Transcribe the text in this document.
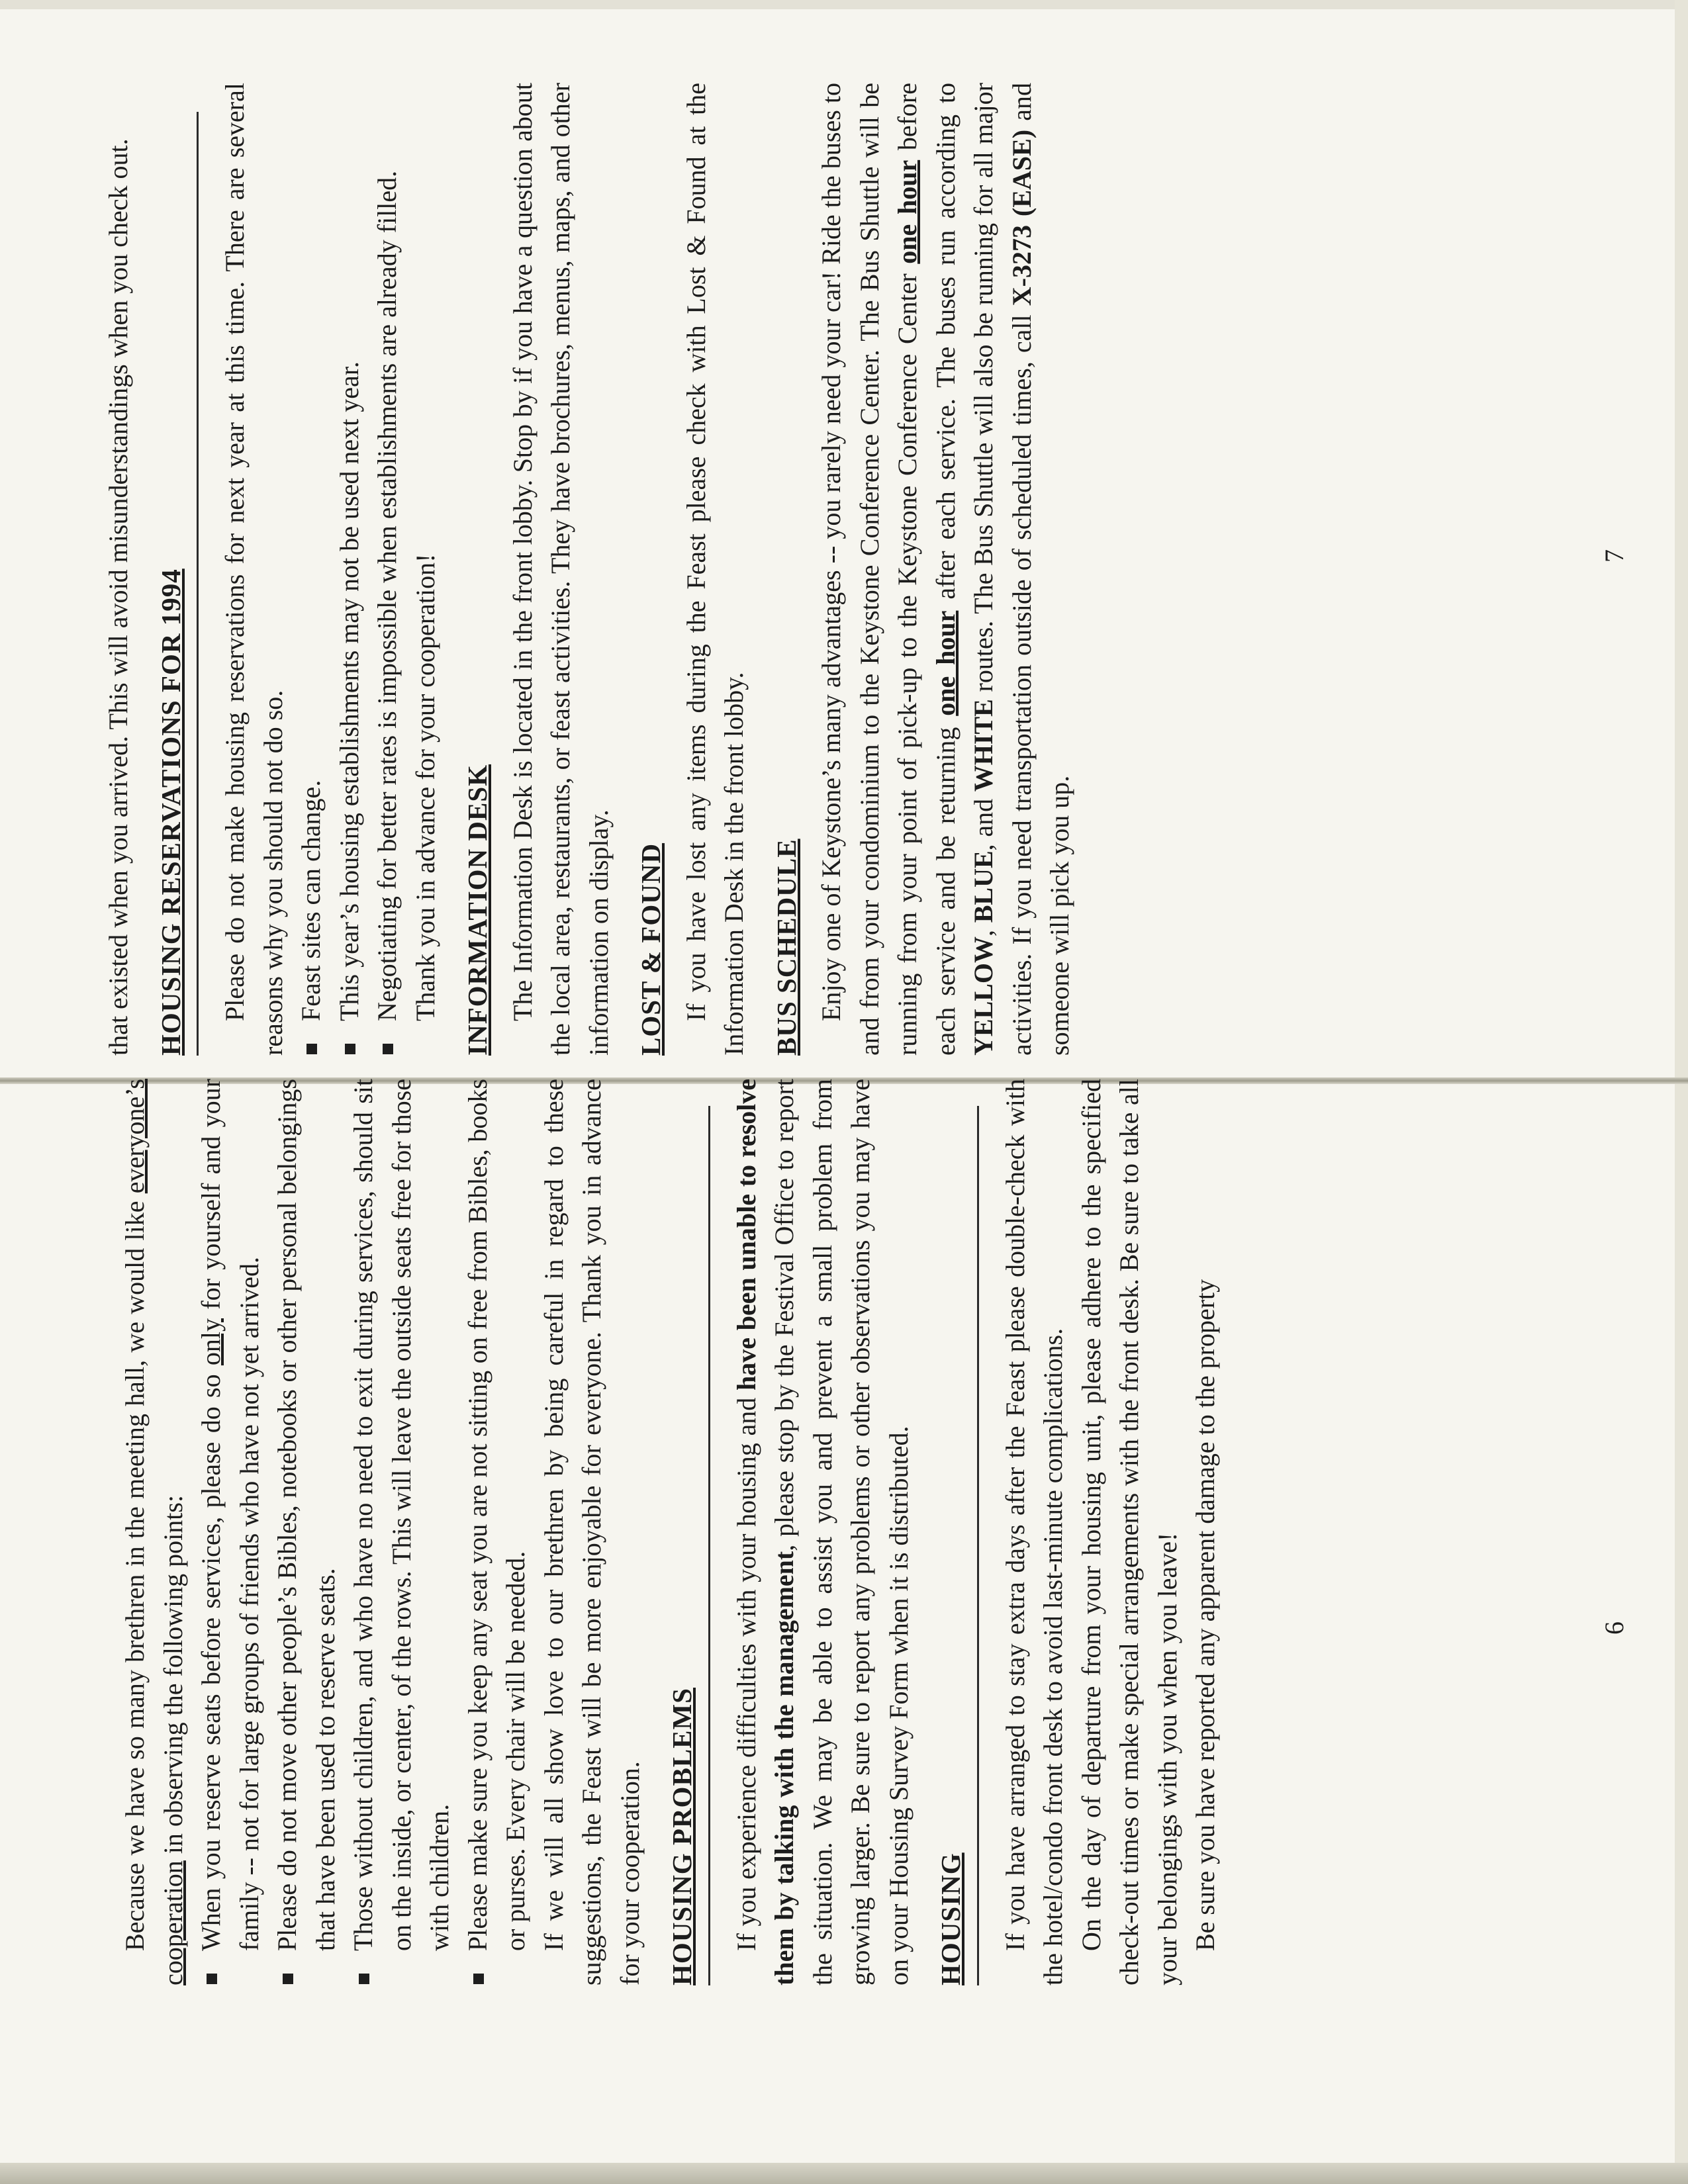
that existed when you arrived. This will avoid misunderstandings when you check out. HOUSING RESERVATIONS FOR 1994 Please do not make housing reservations for next year at this time. There are several reasons why you should not do so. Feast sites can change. This year’s housing establishments may not be used next year. Negotiating for better rates is impossible when establishments are already filled. Thank you in advance for your cooperation! INFORMATION DESK The Information Desk is located in the front lobby. Stop by if you have a question about the local area, restaurants, or feast activities. They have brochures, menus, maps, and other information on display. LOST & FOUND If you have lost any items during the Feast please check with Lost & Found at the Information Desk in the front lobby. BUS SCHEDULE Enjoy one of Keystone’s many advantages -- you rarely need your car! Ride the buses to and from your condominium to the Keystone Conference Center. The Bus Shuttle will be running from your point of pick-up to the Keystone Conference Center one hour before each service and be returning one hour after each service. The buses run according to YELLOW, BLUE, and WHITE routes. The Bus Shuttle will also be running for all major activities. If you need transportation outside of scheduled times, call X-3273 (EASE) and someone will pick you up.

7

Because we have so many brethren in the meeting hall, we would like everyone’s cooperation in observing the following points: When you reserve seats before services, please do so only for yourself and your family -- not for large groups of friends who have not yet arrived. Please do not move other people’s Bibles, notebooks or other personal belongings that have been used to reserve seats. Those without children, and who have no need to exit during services, should sit on the inside, or center, of the rows. This will leave the outside seats free for those with children. Please make sure you keep any seat you are not sitting on free from Bibles, books or purses. Every chair will be needed. If we will all show love to our brethren by being careful in regard to these suggestions, the Feast will be more enjoyable for everyone. Thank you in advance for your cooperation. HOUSING PROBLEMS If you experience difficulties with your housing and have been unable to resolve them by talking with the management, please stop by the Festival Office to report the situation. We may be able to assist you and prevent a small problem from growing larger. Be sure to report any problems or other observations you may have on your Housing Survey Form when it is distributed. HOUSING If you have arranged to stay extra days after the Feast please double-check with the hotel/condo front desk to avoid last-minute complications. On the day of departure from your housing unit, please adhere to the specified check-out times or make special arrangements with the front desk. Be sure to take all your belongings with you when you leave! Be sure you have reported any apparent damage to the property	6
